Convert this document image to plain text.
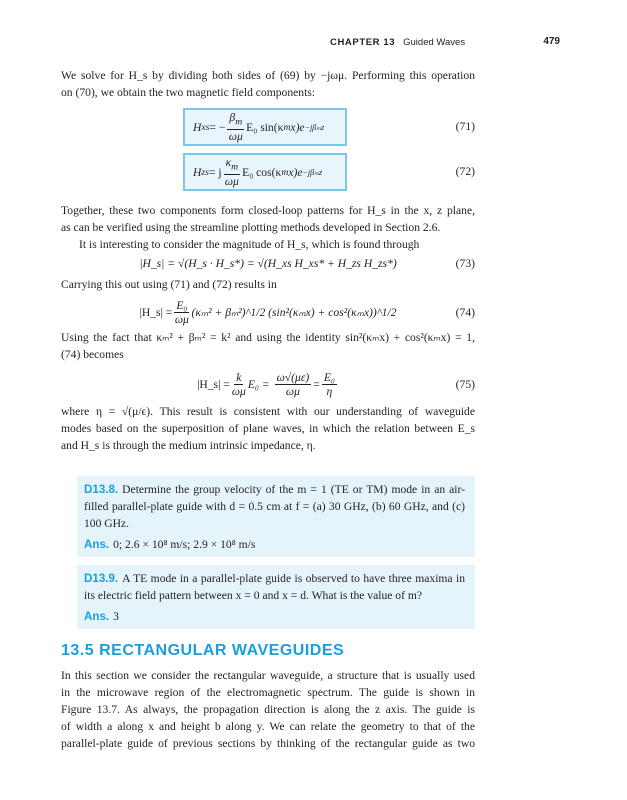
CHAPTER 13 Guided Waves	479
We solve for H_s by dividing both sides of (69) by −jωμ. Performing this operation
on (70), we obtain the two magnetic field components:
H xs = − $\frac{\beta_m}{\omega\mu} E_0$ sin(κ m x)e −jβₘz	(71)
H zs = j $\frac{\kappa_m}{\omega\mu} E_0$ cos(κ m x)e −jβₘz	(72)
Together, these two components form closed-loop patterns for H_s in the x, z plane,
as can be verified using the streamline plotting methods developed in Section 2.6.
It is interesting to consider the magnitude of H_s, which is found through
|H_s| = √(H_s · H_s*) = √(H_xs H_xs* + H_zs H_zs*)	(73)
Carrying this out using (71) and (72) results in
|H_s| = $\frac{\text{E₀}}{\omega\mu} (\kappa_m^2$ + βₘ²)^1/2 (sin²(κₘx) + cos²(κₘx))^1/2	(74)
Using the fact that κₘ² + βₘ² = k² and using the identity sin²(κₘx) + cos²(κₘx) = 1,
(74) becomes
|H_s| = $\frac{k}{\omega\mu} E_0$ =
$\frac{\omega√(\mu\varepsilon)}{\omega\mu} = \frac{\text{E₀}}{\eta}$	(75)
where η = √(μ/ϵ). This result is consistent with our understanding of waveguide
modes based on the superposition of plane waves, in which the relation between E_s
and H_s is through the medium intrinsic impedance, η.
D13.8. Determine the group velocity of the m = 1 (TE or TM) mode in an air-filled parallel-plate guide with d = 0.5 cm at f = (a) 30 GHz, (b) 60 GHz, and (c) 100 GHz.
Ans. 0; 2.6 × 10⁸ m/s; 2.9 × 10⁸ m/s
D13.9. A TE mode in a parallel-plate guide is observed to have three maxima in its electric field pattern between x = 0 and x = d. What is the value of m?
Ans. 3
13.5 RECTANGULAR WAVEGUIDES
In this section we consider the rectangular waveguide, a structure that is usually used
in the microwave region of the electromagnetic spectrum. The guide is shown in
Figure 13.7. As always, the propagation direction is along the z axis. The guide is
of width a along x and height b along y. We can relate the geometry to that of the
parallel-plate guide of previous sections by thinking of the rectangular guide as two
